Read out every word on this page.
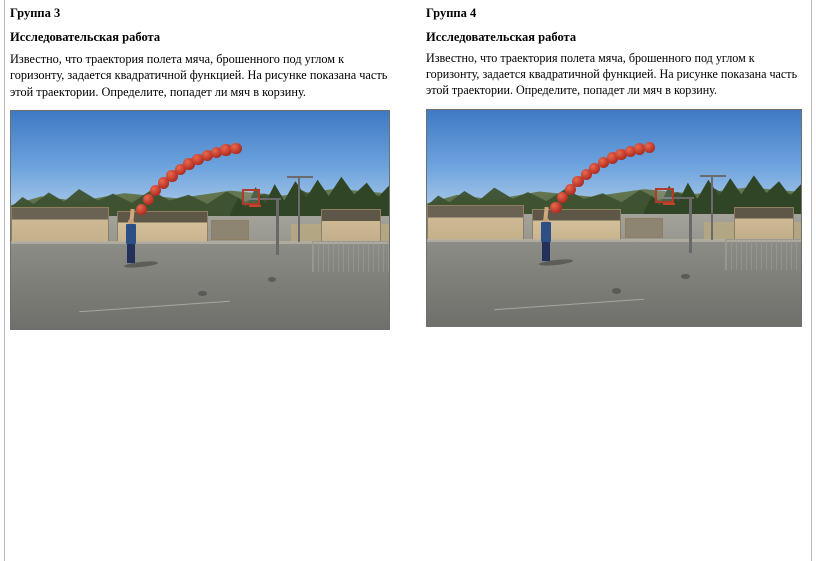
Группа 3
Исследовательская работа
Известно, что траектория полета мяча, брошенного под углом к горизонту, задается квадратичной функцией. На рисунке показана часть этой траектории. Определите, попадет ли мяч в корзину.
Группа 4
Исследовательская работа
Известно, что траектория полета мяча, брошенного под углом к горизонту, задается квадратичной функцией. На рисунке показана часть этой траектории. Определите, попадет ли мяч в корзину.
